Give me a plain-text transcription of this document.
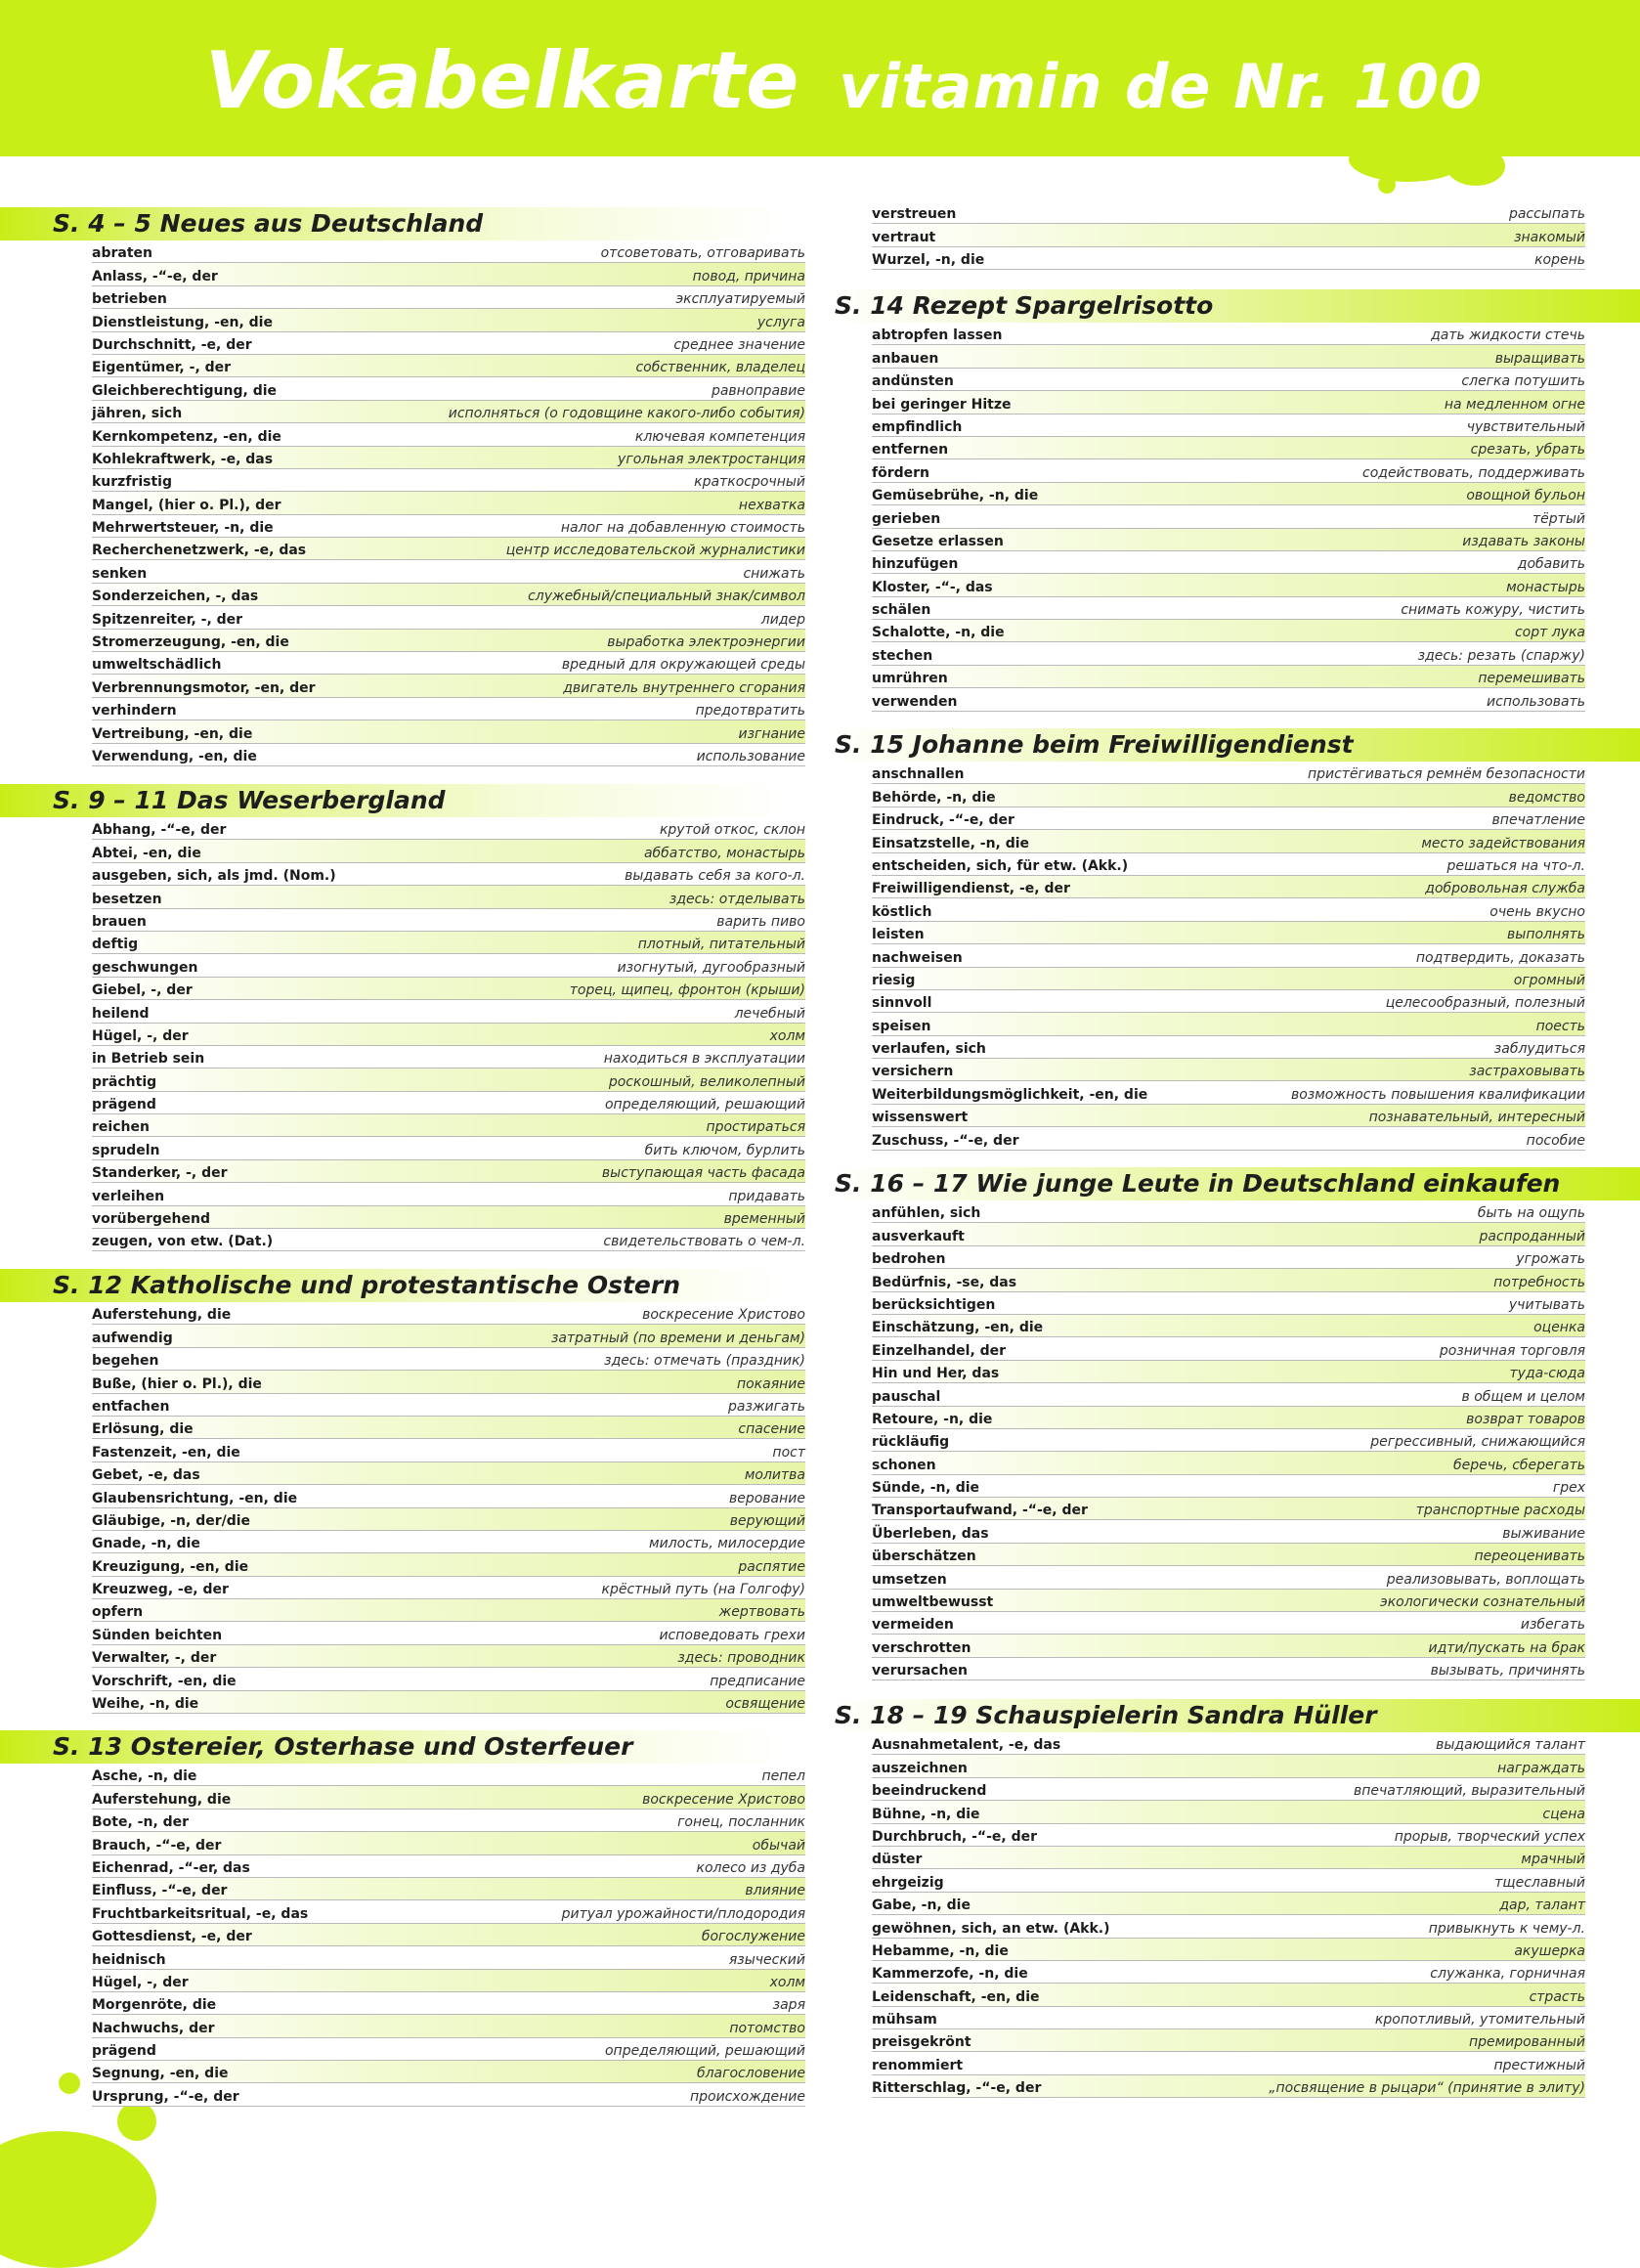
Vokabelkarte vitamin de Nr. 100
S. 4 – 5 Neues aus Deutschland
abraten	отсоветовать, отговаривать
Anlass, -“-e, der	повод, причина
betrieben	эксплуатируемый
Dienstleistung, -en, die	услуга
Durchschnitt, -e, der	среднее значение
Eigentümer, -, der	собственник, владелец
Gleichberechtigung, die	равноправие
jähren, sich	исполняться (о годовщине какого-либо события)
Kernkompetenz, -en, die	ключевая компетенция
Kohlekraftwerk, -e, das	угольная электростанция
kurzfristig	краткосрочный
Mangel, (hier o. Pl.), der	нехватка
Mehrwertsteuer, -n, die	налог на добавленную стоимость
Recherchenetzwerk, -e, das	центр исследовательской журналистики
senken	снижать
Sonderzeichen, -, das	служебный/специальный знак/символ
Spitzenreiter, -, der	лидер
Stromerzeugung, -en, die	выработка электроэнергии
umweltschädlich	вредный для окружающей среды
Verbrennungsmotor, -en, der	двигатель внутреннего сгорания
verhindern	предотвратить
Vertreibung, -en, die	изгнание
Verwendung, -en, die	использование
S. 9 – 11 Das Weserbergland
Abhang, -“-e, der	крутой откос, склон
Abtei, -en, die	аббатство, монастырь
ausgeben, sich, als jmd. (Nom.)	выдавать себя за кого-л.
besetzen	здесь: отделывать
brauen	варить пиво
deftig	плотный, питательный
geschwungen	изогнутый, дугообразный
Giebel, -, der	торец, щипец, фронтон (крыши)
heilend	лечебный
Hügel, -, der	холм
in Betrieb sein	находиться в эксплуатации
prächtig	роскошный, великолепный
prägend	определяющий, решающий
reichen	простираться
sprudeln	бить ключом, бурлить
Standerker, -, der	выступающая часть фасада
verleihen	придавать
vorübergehend	временный
zeugen, von etw. (Dat.)	свидетельствовать о чем-л.
S. 12 Katholische und protestantische Ostern
Auferstehung, die	воскресение Христово
aufwendig	затратный (по времени и деньгам)
begehen	здесь: отмечать (праздник)
Buße, (hier o. Pl.), die	покаяние
entfachen	разжигать
Erlösung, die	спасение
Fastenzeit, -en, die	пост
Gebet, -e, das	молитва
Glaubensrichtung, -en, die	верование
Gläubige, -n, der/die	верующий
Gnade, -n, die	милость, милосердие
Kreuzigung, -en, die	распятие
Kreuzweg, -e, der	крёстный путь (на Голгофу)
opfern	жертвовать
Sünden beichten	исповедовать грехи
Verwalter, -, der	здесь: проводник
Vorschrift, -en, die	предписание
Weihe, -n, die	освящение
S. 13 Ostereier, Osterhase und Osterfeuer
Asche, -n, die	пепел
Auferstehung, die	воскресение Христово
Bote, -n, der	гонец, посланник
Brauch, -“-e, der	обычай
Eichenrad, -“-er, das	колесо из дуба
Einfluss, -“-e, der	влияние
Fruchtbarkeitsritual, -e, das	ритуал урожайности/плодородия
Gottesdienst, -e, der	богослужение
heidnisch	языческий
Hügel, -, der	холм
Morgenröte, die	заря
Nachwuchs, der	потомство
prägend	определяющий, решающий
Segnung, -en, die	благословение
Ursprung, -“-e, der	происхождение
verstreuen	рассыпать
vertraut	знакомый
Wurzel, -n, die	корень
S. 14 Rezept Spargelrisotto
abtropfen lassen	дать жидкости стечь
anbauen	выращивать
andünsten	слегка потушить
bei geringer Hitze	на медленном огне
empfindlich	чувствительный
entfernen	срезать, убрать
fördern	содействовать, поддерживать
Gemüsebrühe, -n, die	овощной бульон
gerieben	тёртый
Gesetze erlassen	издавать законы
hinzufügen	добавить
Kloster, -“-, das	монастырь
schälen	снимать кожуру, чистить
Schalotte, -n, die	сорт лука
stechen	здесь: резать (спаржу)
umrühren	перемешивать
verwenden	использовать
S. 15 Johanne beim Freiwilligendienst
anschnallen	пристёгиваться ремнём безопасности
Behörde, -n, die	ведомство
Eindruck, -“-e, der	впечатление
Einsatzstelle, -n, die	место задействования
entscheiden, sich, für etw. (Akk.)	решаться на что-л.
Freiwilligendienst, -e, der	добровольная служба
köstlich	очень вкусно
leisten	выполнять
nachweisen	подтвердить, доказать
riesig	огромный
sinnvoll	целесообразный, полезный
speisen	поесть
verlaufen, sich	заблудиться
versichern	застраховывать
Weiterbildungsmöglichkeit, -en, die	возможность повышения квалификации
wissenswert	познавательный, интересный
Zuschuss, -“-e, der	пособие
S. 16 – 17 Wie junge Leute in Deutschland einkaufen
anfühlen, sich	быть на ощупь
ausverkauft	распроданный
bedrohen	угрожать
Bedürfnis, -se, das	потребность
berücksichtigen	учитывать
Einschätzung, -en, die	оценка
Einzelhandel, der	розничная торговля
Hin und Her, das	туда-сюда
pauschal	в общем и целом
Retoure, -n, die	возврат товаров
rückläufig	регрессивный, снижающийся
schonen	беречь, сберегать
Sünde, -n, die	грех
Transportaufwand, -“-e, der	транспортные расходы
Überleben, das	выживание
überschätzen	переоценивать
umsetzen	реализовывать, воплощать
umweltbewusst	экологически сознательный
vermeiden	избегать
verschrotten	идти/пускать на брак
verursachen	вызывать, причинять
S. 18 – 19 Schauspielerin Sandra Hüller
Ausnahmetalent, -e, das	выдающийся талант
auszeichnen	награждать
beeindruckend	впечатляющий, выразительный
Bühne, -n, die	сцена
Durchbruch, -“-e, der	прорыв, творческий успех
düster	мрачный
ehrgeizig	тщеславный
Gabe, -n, die	дар, талант
gewöhnen, sich, an etw. (Akk.)	привыкнуть к чему-л.
Hebamme, -n, die	акушерка
Kammerzofe, -n, die	служанка, горничная
Leidenschaft, -en, die	страсть
mühsam	кропотливый, утомительный
preisgekrönt	премированный
renommiert	престижный
Ritterschlag, -“-e, der	„посвящение в рыцари“ (принятие в элиту)
